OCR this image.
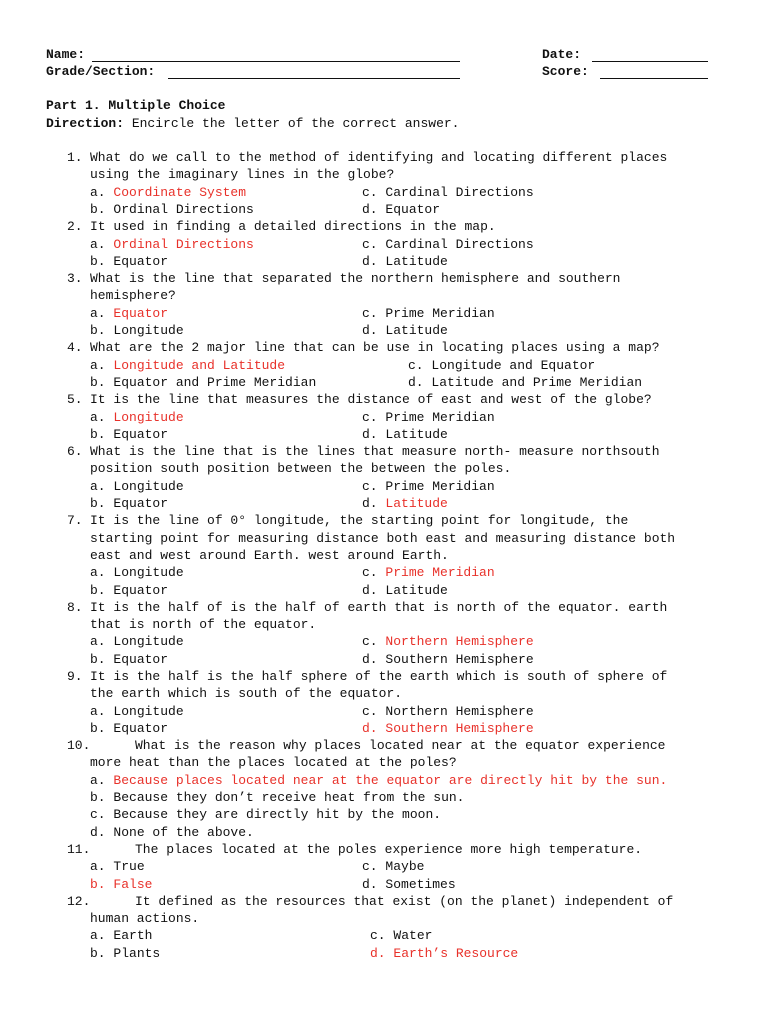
Name:	Date:
Grade/Section:	Score:
Part 1. Multiple Choice
Direction: Encircle the letter of the correct answer.
1. What do we call to the method of identifying and locating different places
using the imaginary lines in the globe?
a. Coordinate System	c. Cardinal Directions
b. Ordinal Directions	d. Equator
2. It used in finding a detailed directions in the map.
a. Ordinal Directions	c. Cardinal Directions
b. Equator	d. Latitude
3. What is the line that separated the northern hemisphere and southern
hemisphere?
a. Equator	c. Prime Meridian
b. Longitude	d. Latitude
4. What are the 2 major line that can be use in locating places using a map?
a. Longitude and Latitude	c. Longitude and Equator
b. Equator and Prime Meridian	d. Latitude and Prime Meridian
5. It is the line that measures the distance of east and west of the globe?
a. Longitude	c. Prime Meridian
b. Equator	d. Latitude
6. What is the line that is the lines that measure north- measure northsouth
position south position between the between the poles.
a. Longitude	c. Prime Meridian
b. Equator	d. Latitude
7. It is the line of 0° longitude, the starting point for longitude, the
starting point for measuring distance both east and measuring distance both
east and west around Earth. west around Earth.
a. Longitude	c. Prime Meridian
b. Equator	d. Latitude
8. It is the half of is the half of earth that is north of the equator. earth
that is north of the equator.
a. Longitude	c. Northern Hemisphere
b. Equator	d. Southern Hemisphere
9. It is the half is the half sphere of the earth which is south of sphere of
the earth which is south of the equator.
a. Longitude	c. Northern Hemisphere
b. Equator	d. Southern Hemisphere
10.	What is the reason why places located near at the equator experience
more heat than the places located at the poles?
a. Because places located near at the equator are directly hit by the sun.
b. Because they don’t receive heat from the sun.
c. Because they are directly hit by the moon.
d. None of the above.
11.	The places located at the poles experience more high temperature.
a. True	c. Maybe
b. False	d. Sometimes
12.	It defined as the resources that exist (on the planet) independent of
human actions.
a. Earth	c. Water
b. Plants	d. Earth’s Resource
